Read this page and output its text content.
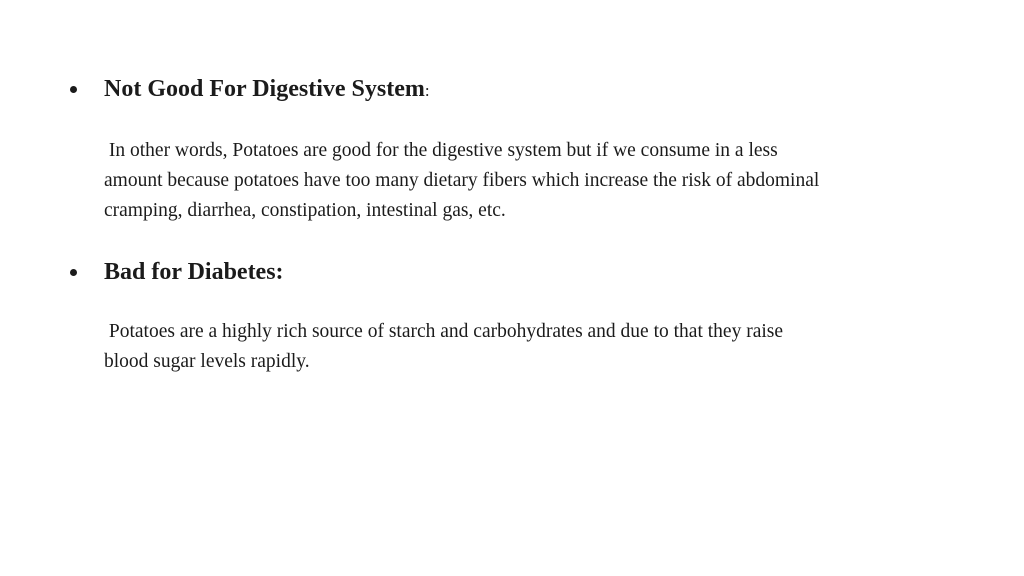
Not Good For Digestive System:

In other words, Potatoes are good for the digestive system but if we consume in a less

amount because potatoes have too many dietary fibers which increase the risk of abdominal

cramping, diarrhea, constipation, intestinal gas, etc.

Bad for Diabetes:

Potatoes are a highly rich source of starch and carbohydrates and due to that they raise

blood sugar levels rapidly.
